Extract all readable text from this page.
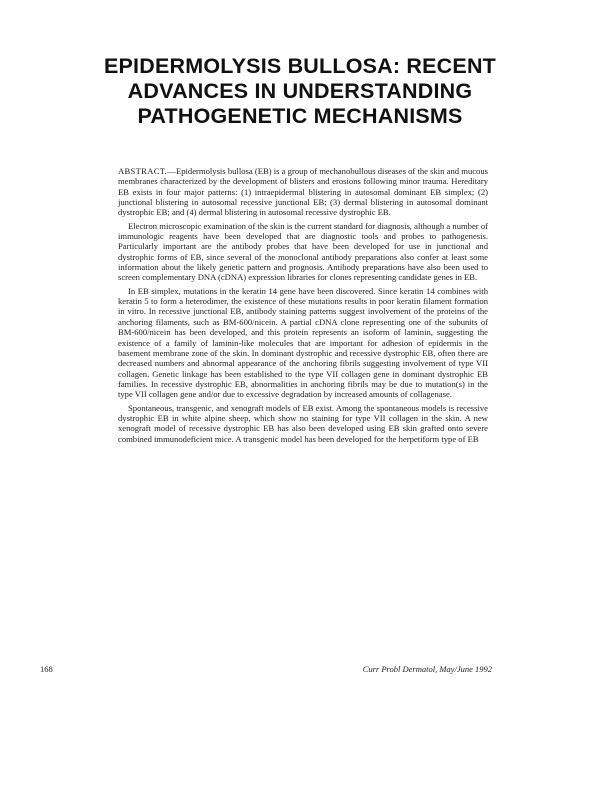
EPIDERMOLYSIS BULLOSA: RECENT
ADVANCES IN UNDERSTANDING
PATHOGENETIC MECHANISMS

ABSTRACT.—Epidermolysis bullosa (EB) is a group of mechanobullous diseases of the skin and mucous membranes characterized by the development of blisters and erosions following minor trauma. Hereditary EB exists in four major patterns: (1) intraepidermal blistering in autosomal dominant EB simplex; (2) junctional blistering in autosomal recessive junctional EB; (3) dermal blistering in autosomal dominant dystrophic EB; and (4) dermal blistering in autosomal recessive dystrophic EB.

Electron microscopic examination of the skin is the current standard for diagnosis, although a number of immunologic reagents have been developed that are diagnostic tools and probes to pathogenesis. Particularly important are the antibody probes that have been developed for use in junctional and dystrophic forms of EB, since several of the monoclonal antibody preparations also confer at least some information about the likely genetic pattern and prognosis. Antibody preparations have also been used to screen complementary DNA (cDNA) expression libraries for clones representing candidate genes in EB.

In EB simplex, mutations in the keratin 14 gene have been discovered. Since keratin 14 combines with keratin 5 to form a heterodimer, the existence of these mutations results in poor keratin filament formation in vitro. In recessive junctional EB, antibody staining patterns suggest involvement of the proteins of the anchoring filaments, such as BM-600/nicein. A partial cDNA clone representing one of the subunits of BM-600/nicein has been developed, and this protein represents an isoform of laminin, suggesting the existence of a family of laminin-like molecules that are important for adhesion of epidermis in the basement membrane zone of the skin. In dominant dystrophic and recessive dystrophic EB, often there are decreased numbers and abnormal appearance of the anchoring fibrils suggesting involvement of type VII collagen. Genetic linkage has been established to the type VII collagen gene in dominant dystrophic EB families. In recessive dystrophic EB, abnormalities in anchoring fibrils may be due to mutation(s) in the type VII collagen gene and/or due to excessive degradation by increased amounts of collagenase.

Spontaneous, transgenic, and xenograft models of EB exist. Among the spontaneous models is recessive dystrophic EB in white alpine sheep, which show no staining for type VII collagen in the skin. A new xenograft model of recessive dystrophic EB has also been developed using EB skin grafted onto severe combined immunodeficient mice. A transgenic model has been developed for the herpetiform type of EB

168	Curr Probl Dermatol, May/June 1992
